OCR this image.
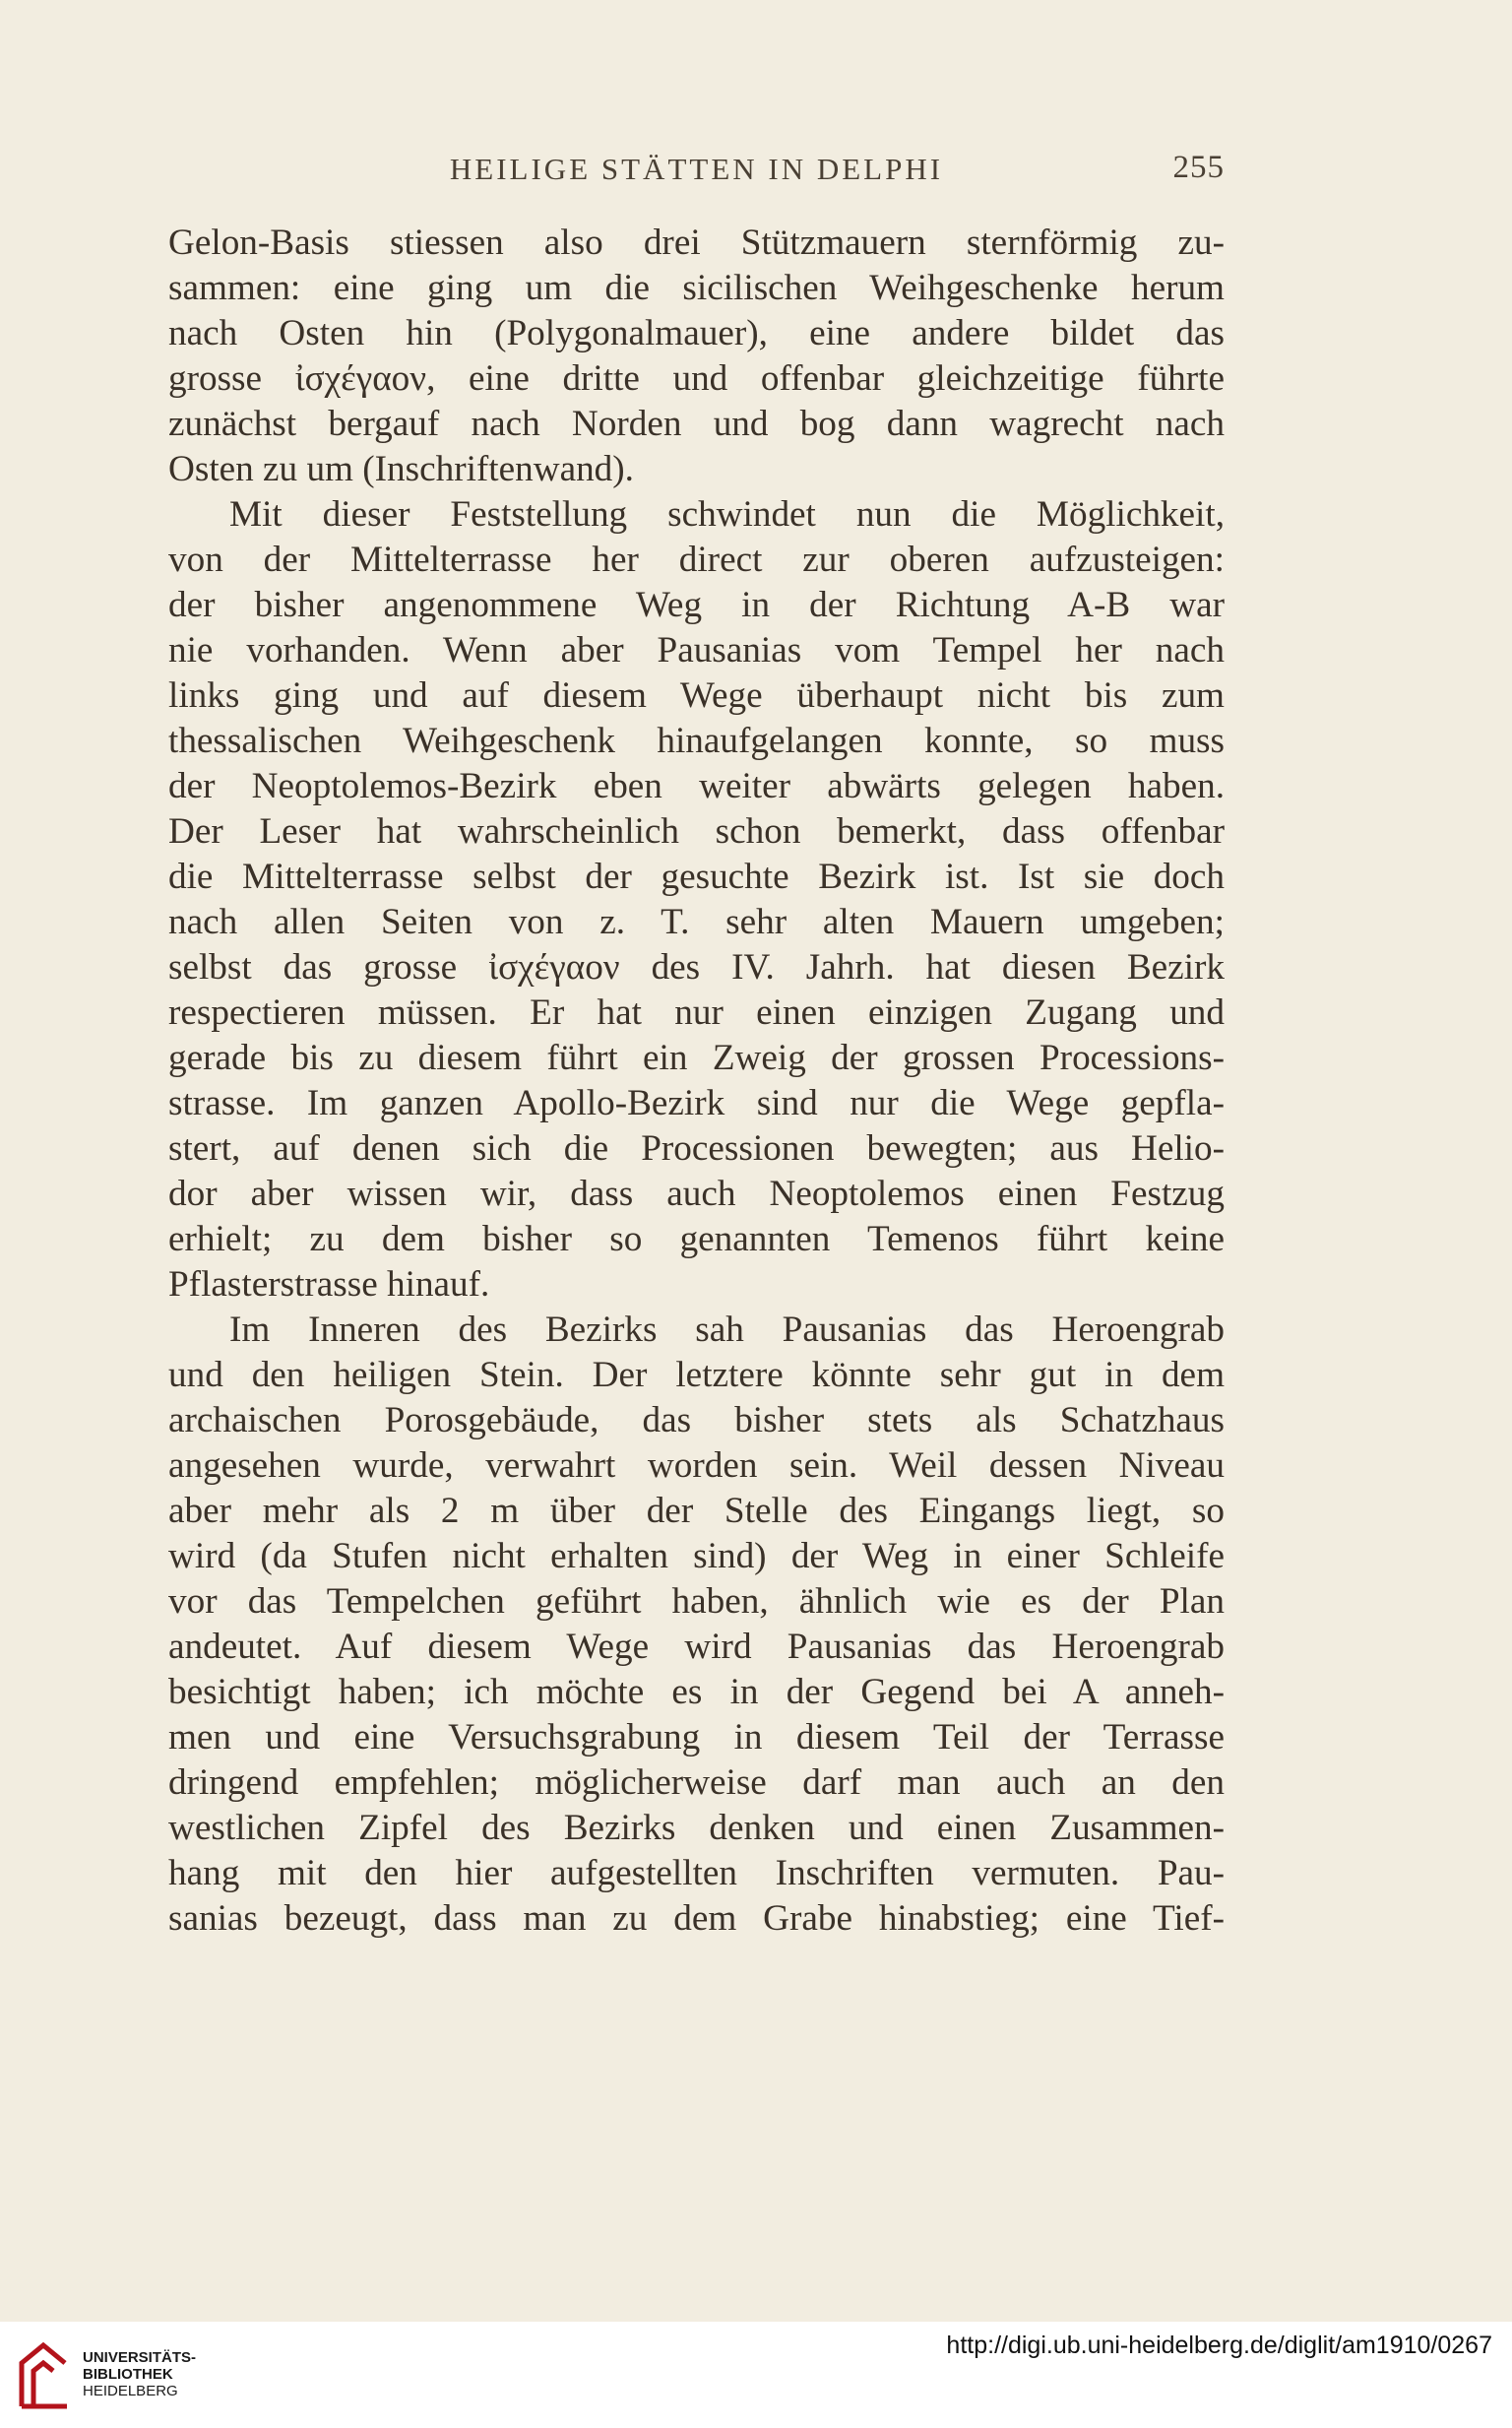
HEILIGE STÄTTEN IN DELPHI	255
Gelon-Basis stiessen also drei Stützmauern sternförmig zu-
sammen: eine ging um die sicilischen Weihgeschenke herum
nach Osten hin (Polygonalmauer), eine andere bildet das
grosse ἰσχέγαον, eine dritte und offenbar gleichzeitige führte
zunächst bergauf nach Norden und bog dann wagrecht nach
Osten zu um (Inschriftenwand).
Mit dieser Feststellung schwindet nun die Möglichkeit,
von der Mittelterrasse her direct zur oberen aufzusteigen:
der bisher angenommene Weg in der Richtung A-B war
nie vorhanden. Wenn aber Pausanias vom Tempel her nach
links ging und auf diesem Wege überhaupt nicht bis zum
thessalischen Weihgeschenk hinaufgelangen konnte, so muss
der Neoptolemos-Bezirk eben weiter abwärts gelegen haben.
Der Leser hat wahrscheinlich schon bemerkt, dass offenbar
die Mittelterrasse selbst der gesuchte Bezirk ist. Ist sie doch
nach allen Seiten von z. T. sehr alten Mauern umgeben;
selbst das grosse ἰσχέγαον des IV. Jahrh. hat diesen Bezirk
respectieren müssen. Er hat nur einen einzigen Zugang und
gerade bis zu diesem führt ein Zweig der grossen Processions-
strasse. Im ganzen Apollo-Bezirk sind nur die Wege gepfla-
stert, auf denen sich die Processionen bewegten; aus Helio-
dor aber wissen wir, dass auch Neoptolemos einen Festzug
erhielt; zu dem bisher so genannten Temenos führt keine
Pflasterstrasse hinauf.
Im Inneren des Bezirks sah Pausanias das Heroengrab
und den heiligen Stein. Der letztere könnte sehr gut in dem
archaischen Porosgebäude, das bisher stets als Schatzhaus
angesehen wurde, verwahrt worden sein. Weil dessen Niveau
aber mehr als 2 m über der Stelle des Eingangs liegt, so
wird (da Stufen nicht erhalten sind) der Weg in einer Schleife
vor das Tempelchen geführt haben, ähnlich wie es der Plan
andeutet. Auf diesem Wege wird Pausanias das Heroengrab
besichtigt haben; ich möchte es in der Gegend bei A anneh-
men und eine Versuchsgrabung in diesem Teil der Terrasse
dringend empfehlen; möglicherweise darf man auch an den
westlichen Zipfel des Bezirks denken und einen Zusammen-
hang mit den hier aufgestellten Inschriften vermuten. Pau-
sanias bezeugt, dass man zu dem Grabe hinabstieg; eine Tief-
UNIVERSITÄTS-
BIBLIOTHEK
HEIDELBERG
http://digi.ub.uni-heidelberg.de/diglit/am1910/0267
